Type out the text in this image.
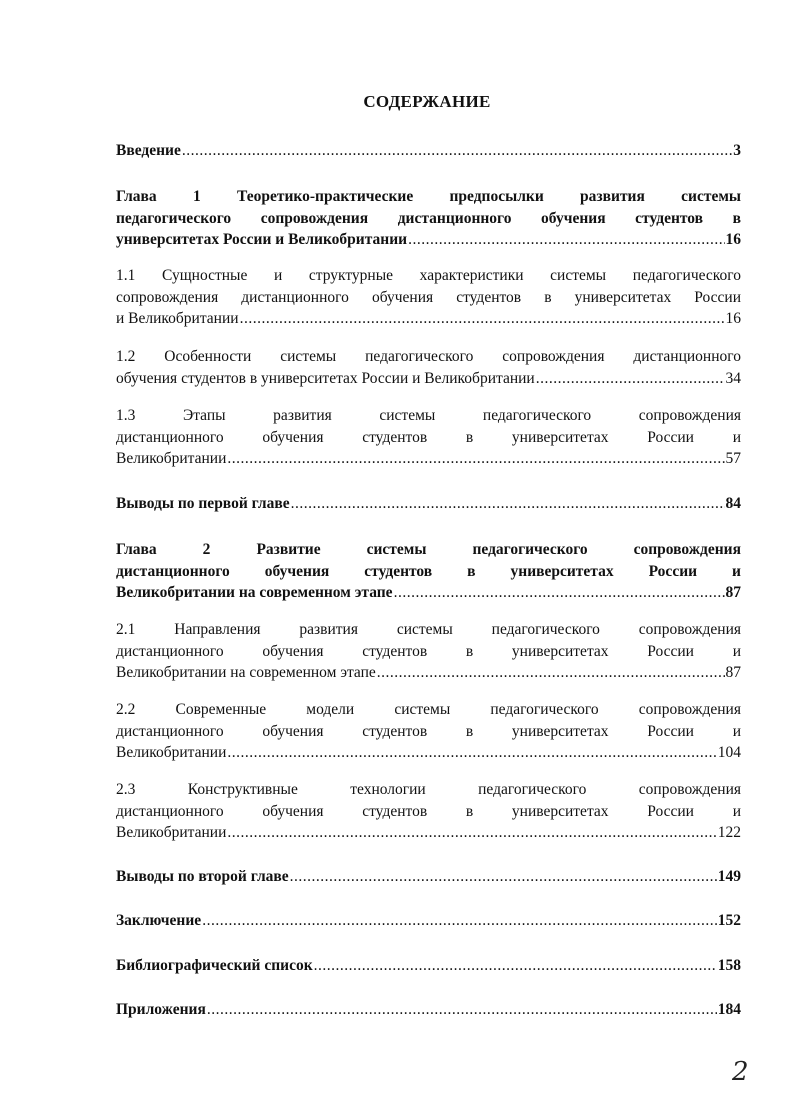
СОДЕРЖАНИЕ
Введение .....	3
Глава 1 Теоретико-практические предпосылки развития системы
педагогического сопровождения дистанционного обучения студентов в
университетах России и Великобритании .....	16
1.1 Сущностные и структурные характеристики системы педагогического
сопровождения дистанционного обучения студентов в университетах России
и Великобритании .....	16
1.2 Особенности системы педагогического сопровождения дистанционного
обучения студентов в университетах России и Великобритании .....	34
1.3 Этапы развития системы педагогического сопровождения
дистанционного обучения студентов в университетах России и
Великобритании .....	57
Выводы по первой главе .....	84
Глава 2 Развитие системы педагогического сопровождения
дистанционного обучения студентов в университетах России и
Великобритании на современном этапе .....	87
2.1 Направления развития системы педагогического сопровождения
дистанционного обучения студентов в университетах России и
Великобритании на современном этапе .....	87
2.2 Современные модели системы педагогического сопровождения
дистанционного обучения студентов в университетах России и
Великобритании .....	104
2.3 Конструктивные технологии педагогического сопровождения
дистанционного обучения студентов в университетах России и
Великобритании .....	122
Выводы по второй главе .....	149
Заключение .....	152
Библиографический список .....	158
Приложения .....	184
2
